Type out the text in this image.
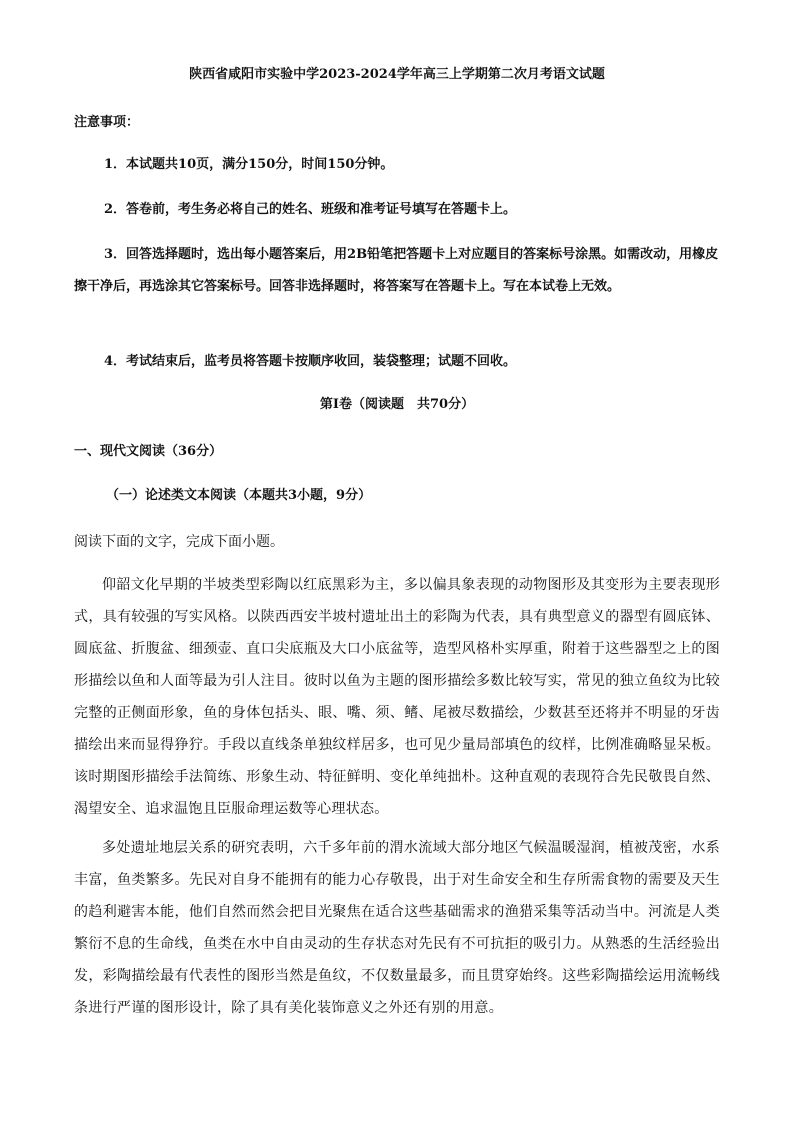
陕西省咸阳市实验中学2023-2024学年高三上学期第二次月考语文试题
注意事项：
1．本试题共10页，满分150分，时间150分钟。
2．答卷前，考生务必将自己的姓名、班级和准考证号填写在答题卡上。
3．回答选择题时，选出每小题答案后，用2B铅笔把答题卡上对应题目的答案标号涂黑。如需改动，用橡皮擦干净后，再选涂其它答案标号。回答非选择题时，将答案写在答题卡上。写在本试卷上无效。
4．考试结束后，监考员将答题卡按顺序收回，装袋整理；试题不回收。
第Ⅰ卷（阅读题　共70分）
一、现代文阅读（36分）
（一）论述类文本阅读（本题共3小题，9分）
阅读下面的文字，完成下面小题。
仰韶文化早期的半坡类型彩陶以红底黑彩为主，多以偏具象表现的动物图形及其变形为主要表现形式，具有较强的写实风格。以陕西西安半坡村遗址出土的彩陶为代表，具有典型意义的器型有圆底钵、圆底盆、折腹盆、细颈壶、直口尖底瓶及大口小底盆等，造型风格朴实厚重，附着于这些器型之上的图形描绘以鱼和人面等最为引人注目。彼时以鱼为主题的图形描绘多数比较写实，常见的独立鱼纹为比较完整的正侧面形象，鱼的身体包括头、眼、嘴、须、鳍、尾被尽数描绘，少数甚至还将并不明显的牙齿描绘出来而显得狰狞。手段以直线条单独纹样居多，也可见少量局部填色的纹样，比例准确略显呆板。该时期图形描绘手法简练、形象生动、特征鲜明、变化单纯拙朴。这种直观的表现符合先民敬畏自然、渴望安全、追求温饱且臣服命理运数等心理状态。
多处遗址地层关系的研究表明，六千多年前的渭水流域大部分地区气候温暖湿润，植被茂密，水系丰富，鱼类繁多。先民对自身不能拥有的能力心存敬畏，出于对生命安全和生存所需食物的需要及天生的趋利避害本能，他们自然而然会把目光聚焦在适合这些基础需求的渔猎采集等活动当中。河流是人类繁衍不息的生命线，鱼类在水中自由灵动的生存状态对先民有不可抗拒的吸引力。从熟悉的生活经验出发，彩陶描绘最有代表性的图形当然是鱼纹，不仅数量最多，而且贯穿始终。这些彩陶描绘运用流畅线条进行严谨的图形设计，除了具有美化装饰意义之外还有别的用意。
